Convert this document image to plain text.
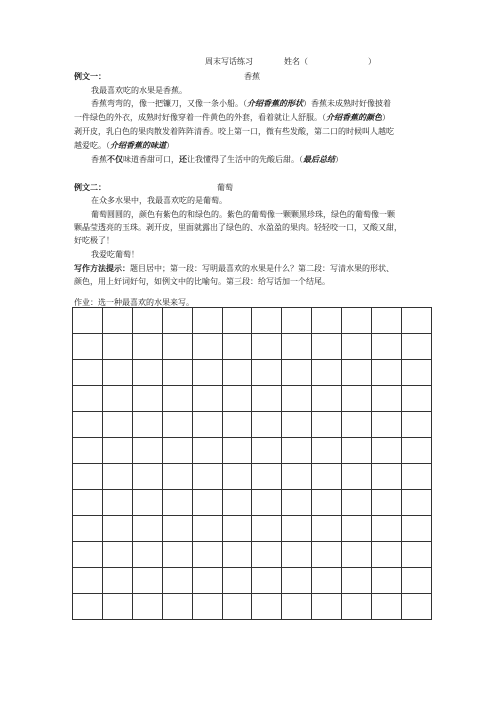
周末写话练习	姓名（	）
例文一：	香蕉
我最喜欢吃的水果是香蕉。
香蕉弯弯的，像一把镰刀，又像一条小船。（介绍香蕉的形状）香蕉未成熟时好像披着
一件绿色的外衣，成熟时好像穿着一件黄色的外套，看着就让人舒服。（介绍香蕉的颜色）
剥开皮，乳白色的果肉散发着阵阵清香。咬上第一口，微有些发酸，第二口的时候叫人越吃
越爱吃。（介绍香蕉的味道）
香蕉不仅味道香甜可口，还让我懂得了生活中的先酸后甜。（最后总结）
例文二：	葡萄
在众多水果中，我最喜欢吃的是葡萄。
葡萄圆圆的，颜色有紫色的和绿色的。紫色的葡萄像一颗颗黑珍珠，绿色的葡萄像一颗
颗晶莹透亮的玉珠。剥开皮，里面就露出了绿色的、水盈盈的果肉。轻轻咬一口，又酸又甜，
好吃极了！
我爱吃葡萄！
写作方法提示：题目居中；第一段：写明最喜欢的水果是什么？第二段：写清水果的形状、
颜色，用上好词好句，如例文中的比喻句。第三段：给写话加一个结尾。
作业：选一种最喜欢的水果来写。
